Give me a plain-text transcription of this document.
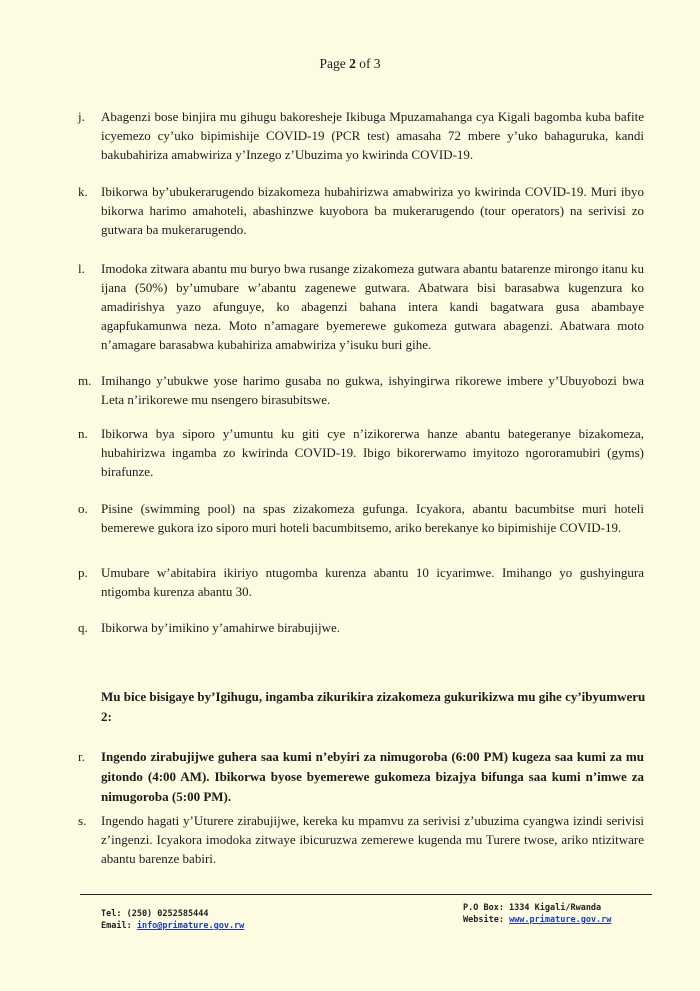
Page 2 of 3
j.	Abagenzi bose binjira mu gihugu bakoresheje Ikibuga Mpuzamahanga cya Kigali bagomba kuba bafite icyemezo cy’uko bipimishije COVID-19 (PCR test) amasaha 72 mbere y’uko bahaguruka, kandi bakubahiriza amabwiriza y’Inzego z’Ubuzima yo kwirinda COVID-19.
k.	Ibikorwa by’ubukerarugendo bizakomeza hubahirizwa amabwiriza yo kwirinda COVID-19. Muri ibyo bikorwa harimo amahoteli, abashinzwe kuyobora ba mukerarugendo (tour operators) na serivisi zo gutwara ba mukerarugendo.
l.	Imodoka zitwara abantu mu buryo bwa rusange zizakomeza gutwara abantu batarenze mirongo itanu ku ijana (50%) by’umubare w’abantu zagenewe gutwara. Abatwara bisi barasabwa kugenzura ko amadirishya yazo afunguye, ko abagenzi bahana intera kandi bagatwara gusa abambaye agapfukamunwa neza. Moto n’amagare byemerewe gukomeza gutwara abagenzi. Abatwara moto n’amagare barasabwa kubahiriza amabwiriza y’isuku buri gihe.
m. Imihango y’ubukwe yose harimo gusaba no gukwa, ishyingirwa rikorewe imbere y’Ubuyobozi bwa Leta n’irikorewe mu nsengero birasubitswe.
n.	Ibikorwa bya siporo y’umuntu ku giti cye n’izikorerwa hanze abantu bategeranye bizakomeza, hubahirizwa ingamba zo kwirinda COVID-19. Ibigo bikorerwamo imyitozo ngororamubiri (gyms) birafunze.
o.	Pisine (swimming pool) na spas zizakomeza gufunga. Icyakora, abantu bacumbitse muri hoteli bemerewe gukora izo siporo muri hoteli bacumbitsemo, ariko berekanye ko bipimishije COVID-19.
p.	Umubare w’abitabira ikiriyo ntugomba kurenza abantu 10 icyarimwe. Imihango yo gushyingura ntigomba kurenza abantu 30.
q.	Ibikorwa by’imikino y’amahirwe birabujijwe.
Mu bice bisigaye by’Igihugu, ingamba zikurikira zizakomeza gukurikizwa mu gihe cy’ibyumweru 2:
r.	Ingendo zirabujijwe guhera saa kumi n’ebyiri za nimugoroba (6:00 PM) kugeza saa kumi za mu gitondo (4:00 AM). Ibikorwa byose byemerewe gukomeza bizajya bifunga saa kumi n’imwe za nimugoroba (5:00 PM).
s.	Ingendo hagati y’Uturere zirabujijwe, kereka ku mpamvu za serivisi z’ubuzima cyangwa izindi serivisi z’ingenzi. Icyakora imodoka zitwaye ibicuruzwa zemerewe kugenda mu Turere twose, ariko ntizitware abantu barenze babiri.
Tel: (250) 0252585444
Email: info@primature.gov.rw
P.O Box: 1334 Kigali/Rwanda
Website: www.primature.gov.rw
